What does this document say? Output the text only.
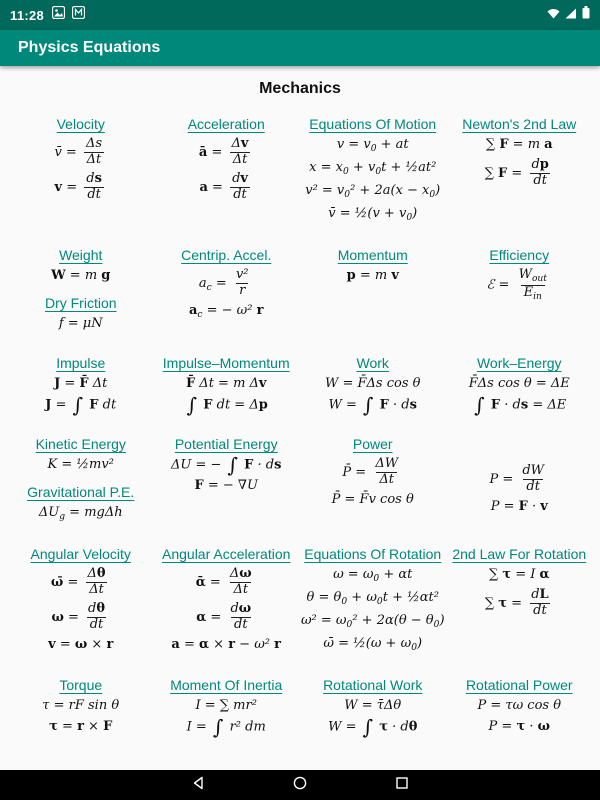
11:28
Physics Equations
Mechanics
Velocity
v̄ = $\frac{\Delta s}{\Delta t}$
$v = \frac{ds}{dt}$
Acceleration
ā = $\frac{\Delta v}{\Delta t}$
$a = \frac{dv}{dt}$
Equations Of Motion
$v = v_0$ + at
$x = x_0 + v_0t$ + ½at²
$v^2 = v_0^2 + 2a(x - x_0)$
v̄ = ½(v + $v_0$)
Newton's 2nd Law
∑ F = m a
∑ $F = \frac{dp}{dt}$
Weight
W = m g
Dry Friction
f = μN
Centrip. Accel.
$a_c = \frac{\text{v²}}{r}$
$a_c$ = − ω² r
Momentum
p = m v
Efficiency
ℰ = $\frac{W_{out}}{E_{in}}$
Impulse
J = F̄ Δt
J = ∫ F dt
Impulse–Momentum
F̄ Δt = m Δv
∫ F dt = Δp
Work
W = F̄Δs cos θ
W = ∫ F · ds
Work–Energy
F̄Δs cos θ = ΔE
∫ F · ds = ΔE
Kinetic Energy
K = ½mv²
Gravitational P.E.
$\Delta U_g = mg\Delta h$
Potential Energy
ΔU = − ∫ F · ds
F = − ∇U
Power
P̄ = $\frac{\Delta W}{\Delta t}$
P̄ = F̄v cos θ
$P = \frac{dW}{dt}$
P = F · v
Angular Velocity
ω̄ = $\frac{\Delta\theta}{\Delta t}$
$\omega = \frac{d\theta}{dt}$
v = ω × r
Angular Acceleration
ᾱ = $\frac{\Delta\omega}{\Delta t}$
$\alpha = \frac{d\omega}{dt}$
a = α × r − ω² r
Equations Of Rotation
$\omega = \omega_0 + \alpha t$
$\theta = \theta_0 + \omega_0t$ + ½αt²
$\omega^2 = \omega_0^2 + 2\alpha(\theta - \theta_0)$
ω̄ = ½(ω + $\omega_0$)
2nd Law For Rotation
∑ τ = I α
∑ $\tau = \frac{dL}{dt}$
Torque
τ = rF sin θ
τ = r × F
Moment Of Inertia
I = ∑ mr²
I = ∫ r² dm
Rotational Work
W = τ̄Δθ
W = ∫ τ · dθ
Rotational Power
P = τω cos θ
P = τ · ω
